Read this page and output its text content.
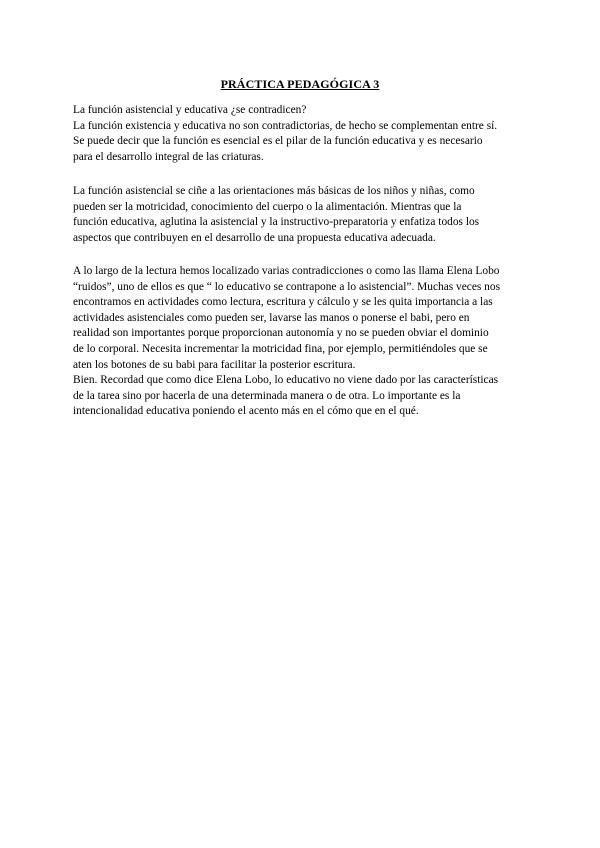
PRÁCTICA PEDAGÓGICA 3
La función asistencial y educativa ¿se contradicen?
La función existencia y educativa no son contradictorias, de hecho se complementan entre sí.
Se puede decir que la función es esencial es el pilar de la función educativa y es necesario
para el desarrollo integral de las criaturas.
La función asistencial se ciñe a las orientaciones más básicas de los niños y niñas, como
pueden ser la motricidad, conocimiento del cuerpo o la alimentación. Mientras que la
función educativa, aglutina la asistencial y la instructivo-preparatoria y enfatiza todos los
aspectos que contribuyen en el desarrollo de una propuesta educativa adecuada.
A lo largo de la lectura hemos localizado varias contradicciones o como las llama Elena Lobo
“ruidos”, uno de ellos es que “ lo educativo se contrapone a lo asistencial”. Muchas veces nos
encontramos en actividades como lectura, escritura y cálculo y se les quita importancia a las
actividades asistenciales como pueden ser, lavarse las manos o ponerse el babi, pero en
realidad son importantes porque proporcionan autonomía y no se pueden obviar el dominio
de lo corporal. Necesita incrementar la motricidad fina, por ejemplo, permitiéndoles que se
aten los botones de su babi para facilitar la posterior escritura.
Bien. Recordad que como dice Elena Lobo, lo educativo no viene dado por las características
de la tarea sino por hacerla de una determinada manera o de otra. Lo importante es la
intencionalidad educativa poniendo el acento más en el cómo que en el qué.
